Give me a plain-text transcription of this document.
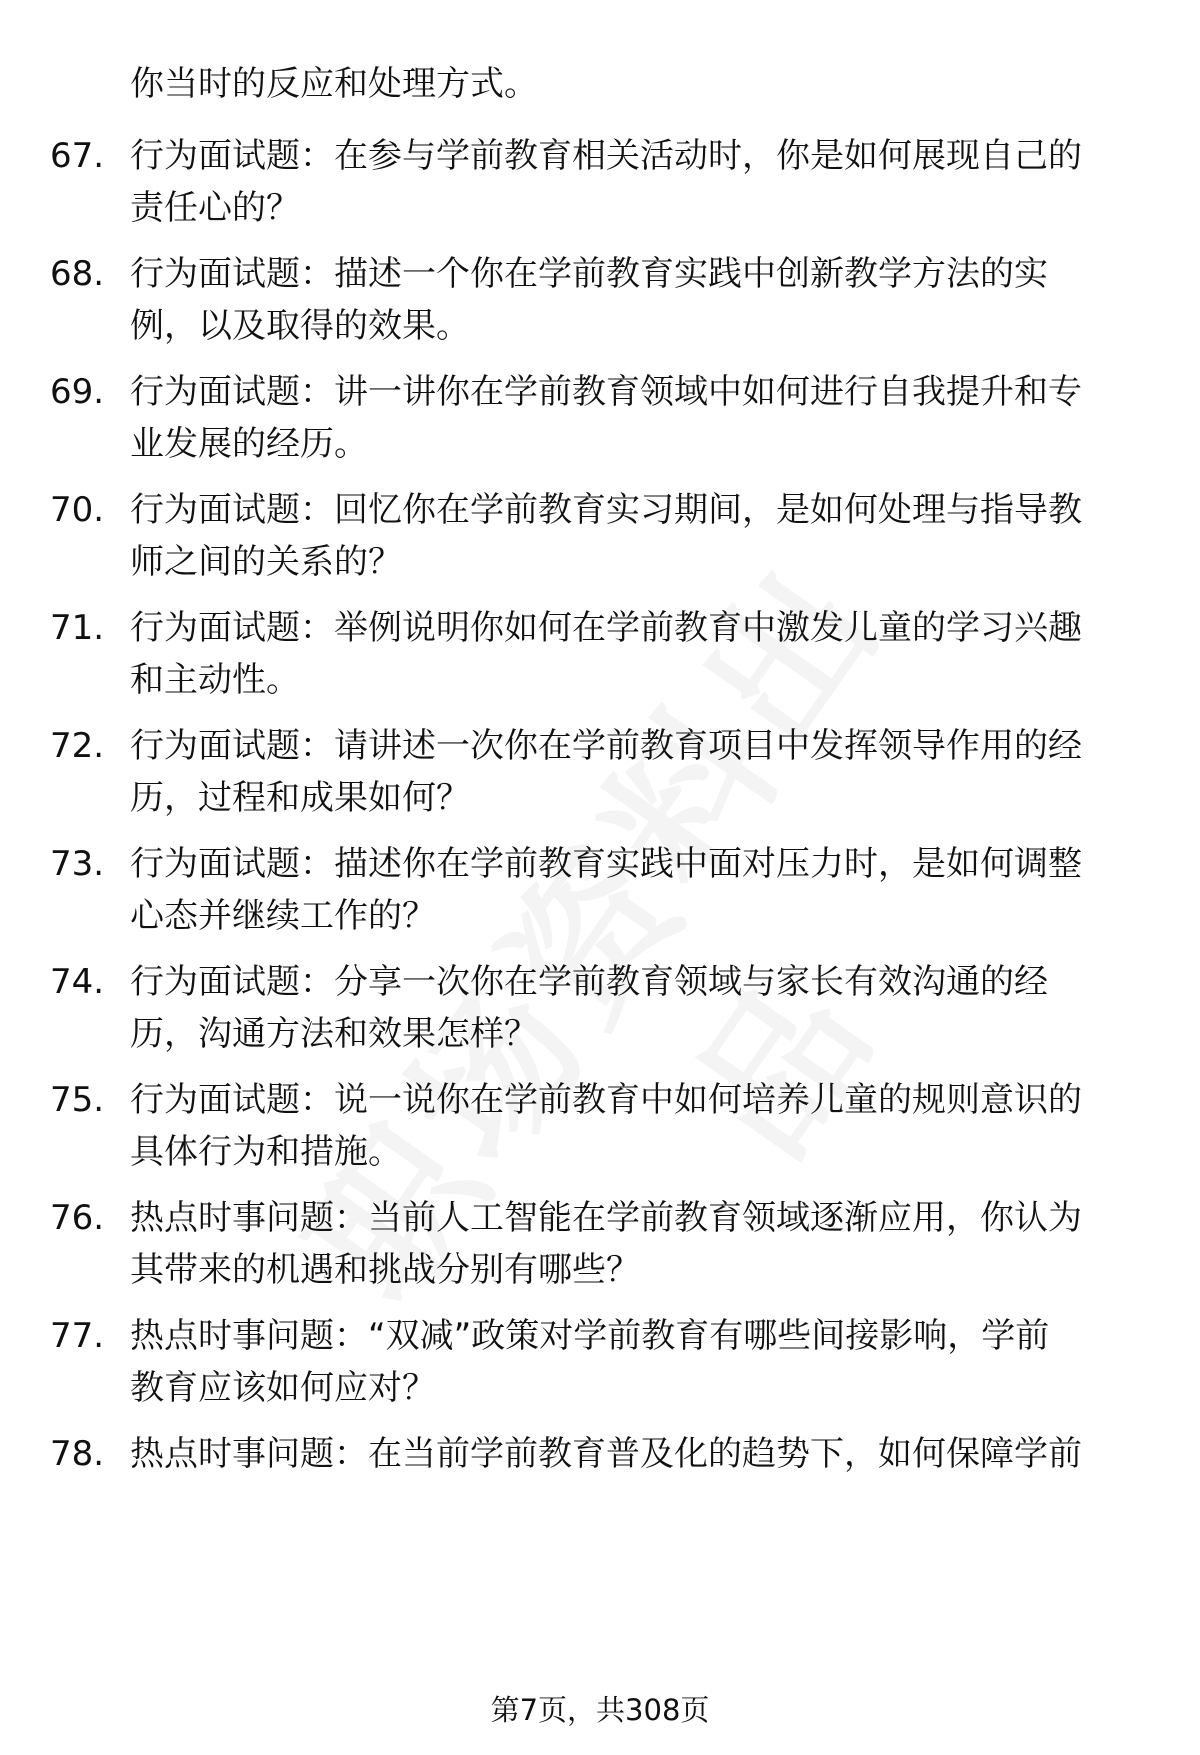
你当时的反应和处理方式。
67. 行为面试题：在参与学前教育相关活动时，你是如何展现自己的
责任心的？
68. 行为面试题：描述一个你在学前教育实践中创新教学方法的实
例，以及取得的效果。
69. 行为面试题：讲一讲你在学前教育领域中如何进行自我提升和专
业发展的经历。
70. 行为面试题：回忆你在学前教育实习期间，是如何处理与指导教
师之间的关系的？
71. 行为面试题：举例说明你如何在学前教育中激发儿童的学习兴趣
和主动性。
72. 行为面试题：请讲述一次你在学前教育项目中发挥领导作用的经
历，过程和成果如何？
73. 行为面试题：描述你在学前教育实践中面对压力时，是如何调整
心态并继续工作的？
74. 行为面试题：分享一次你在学前教育领域与家长有效沟通的经
历，沟通方法和效果怎样？
75. 行为面试题：说一说你在学前教育中如何培养儿童的规则意识的
具体行为和措施。
76. 热点时事问题：当前人工智能在学前教育领域逐渐应用，你认为
其带来的机遇和挑战分别有哪些？
77. 热点时事问题：“双减”政策对学前教育有哪些间接影响，学前
教育应该如何应对？
78. 热点时事问题：在当前学前教育普及化的趋势下，如何保障学前
第7页，共308页
